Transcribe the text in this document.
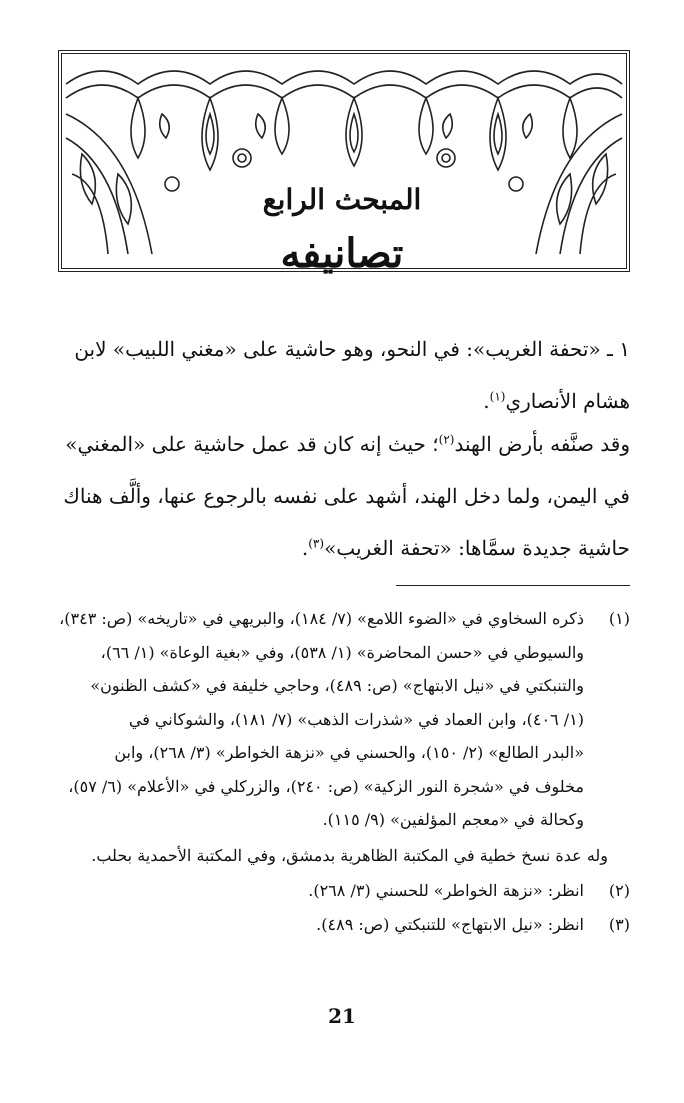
المبحث الرابع
تصانيفه

١ ـ «تحفة الغريب»: في النحو، وهو حاشية على «مغني اللبيب» لابن

هشام الأنصاري$^{(١)}$.

وقد صنَّفه بأرض الهند$^{(٢)}$؛ حيث إنه كان قد عمل حاشية على «المغني»

في اليمن، ولما دخل الهند، أشهد على نفسه بالرجوع عنها، وألَّف هناك

حاشية جديدة سمَّاها: «تحفة الغريب»$^{(٣)}$.

(١)
ذكره السخاوي في «الضوء اللامع» (٧/ ١٨٤)، والبريهي في «تاريخه» (ص: ٣٤٣)،
والسيوطي في «حسن المحاضرة» (١/ ٥٣٨)، وفي «بغية الوعاة» (١/ ٦٦)،
والتنبكتي في «نيل الابتهاج» (ص: ٤٨٩)، وحاجي خليفة في «كشف الظنون»
(١/ ٤٠٦)، وابن العماد في «شذرات الذهب» (٧/ ١٨١)، والشوكاني في
«البدر الطالع» (٢/ ١٥٠)، والحسني في «نزهة الخواطر» (٣/ ٢٦٨)، وابن
مخلوف في «شجرة النور الزكية» (ص: ٢٤٠)، والزركلي في «الأعلام» (٦/ ٥٧)،
وكحالة في «معجم المؤلفين» (٩/ ١١٥).
وله عدة نسخ خطية في المكتبة الظاهرية بدمشق، وفي المكتبة الأحمدية بحلب.
(٢)
انظر: «نزهة الخواطر» للحسني (٣/ ٢٦٨).
(٣)
انظر: «نيل الابتهاج» للتنبكتي (ص: ٤٨٩).
21
